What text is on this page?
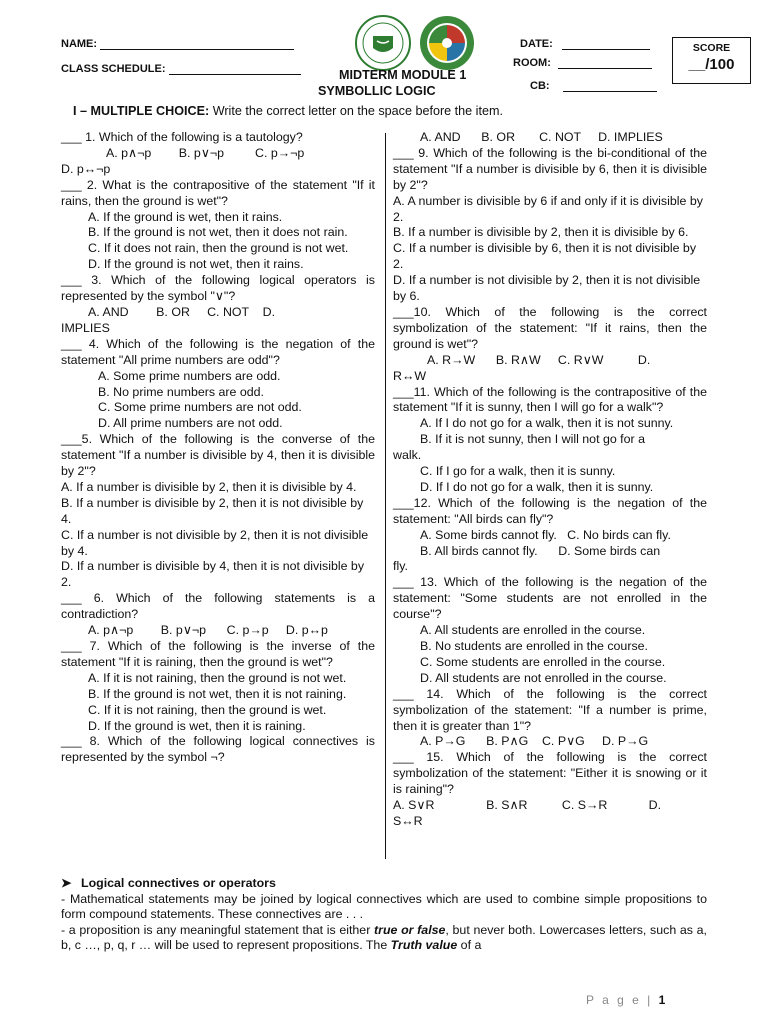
NAME:
CLASS SCHEDULE:	MIDTERM MODULE 1
SYMBOLLIC LOGIC
DATE:
ROOM:
CB:
SCORE
__/100
I – MULTIPLE CHOICE: Write the correct letter on the space before the item.

___ 1. Which of the following is a tautology?

A. p∧¬p        B. p∨¬p         C. p→¬p

D. p↔¬p

___ 2. What is the contrapositive of the statement "If it rains, then the ground is wet"?

A. If the ground is wet, then it rains.

B. If the ground is not wet, then it does not rain.

C. If it does not rain, then the ground is not wet.

D. If the ground is not wet, then it rains.

___ 3. Which of the following logical operators is represented by the symbol "∨"?

A. AND        B. OR     C. NOT    D.

IMPLIES

___ 4. Which of the following is the negation of the statement "All prime numbers are odd"?

A. Some prime numbers are odd.

B. No prime numbers are odd.

C. Some prime numbers are not odd.

D. All prime numbers are not odd.

___5. Which of the following is the converse of the statement "If a number is divisible by 4, then it is divisible by 2"?

A. If a number is divisible by 2, then it is divisible by 4.

B. If a number is divisible by 2, then it is not divisible by 4.

C. If a number is not divisible by 2, then it is not divisible by 4.

D. If a number is divisible by 4, then it is not divisible by 2.

___ 6. Which of the following statements is a contradiction?

A. p∧¬p        B. p∨¬p      C. p→p     D. p↔p

___ 7. Which of the following is the inverse of the statement "If it is raining, then the ground is wet"?

A. If it is not raining, then the ground is not wet.

B. If the ground is not wet, then it is not raining.

C. If it is not raining, then the ground is wet.

D. If the ground is wet, then it is raining.

___ 8. Which of the following logical connectives is represented by the symbol ¬?

A. AND      B. OR       C. NOT     D. IMPLIES

___ 9. Which of the following is the bi-conditional of the statement "If a number is divisible by 6, then it is divisible by 2"?

A. A number is divisible by 6 if and only if it is divisible by 2.

B. If a number is divisible by 2, then it is divisible by 6.

C. If a number is divisible by 6, then it is not divisible by 2.

D. If a number is not divisible by 2, then it is not divisible by 6.

___10. Which of the following is the correct symbolization of the statement: "If it rains, then the ground is wet"?

A. R→W      B. R∧W     C. R∨W          D.

R↔W

___11. Which of the following is the contrapositive of the statement "If it is sunny, then I will go for a walk"?

A. If I do not go for a walk, then it is not sunny.

B. If it is not sunny, then I will not go for a

walk.

C. If I go for a walk, then it is sunny.

D. If I do not go for a walk, then it is sunny.

___12. Which of the following is the negation of the statement: "All birds can fly"?

A. Some birds cannot fly.   C. No birds can fly.

B. All birds cannot fly.      D. Some birds can

fly.

___ 13. Which of the following is the negation of the statement: "Some students are not enrolled in the course"?

A. All students are enrolled in the course.

B. No students are enrolled in the course.

C. Some students are enrolled in the course.

D. All students are not enrolled in the course.

___ 14. Which of the following is the correct symbolization of the statement: "If a number is prime, then it is greater than 1"?

A. P→G      B. P∧G    C. P∨G     D. P→G

___ 15. Which of the following is the correct symbolization of the statement: "Either it is snowing or it is raining"?

A. S∨R               B. S∧R          C. S→R            D.

S↔R

➤ Logical connectives or operators

- Mathematical statements may be joined by logical connectives which are used to combine simple propositions to form compound statements. These connectives are . . .

- a proposition is any meaningful statement that is either true or false, but never both. Lowercases letters, such as a, b, c …, p, q, r … will be used to represent propositions. The Truth value of a

P a g e | 1
